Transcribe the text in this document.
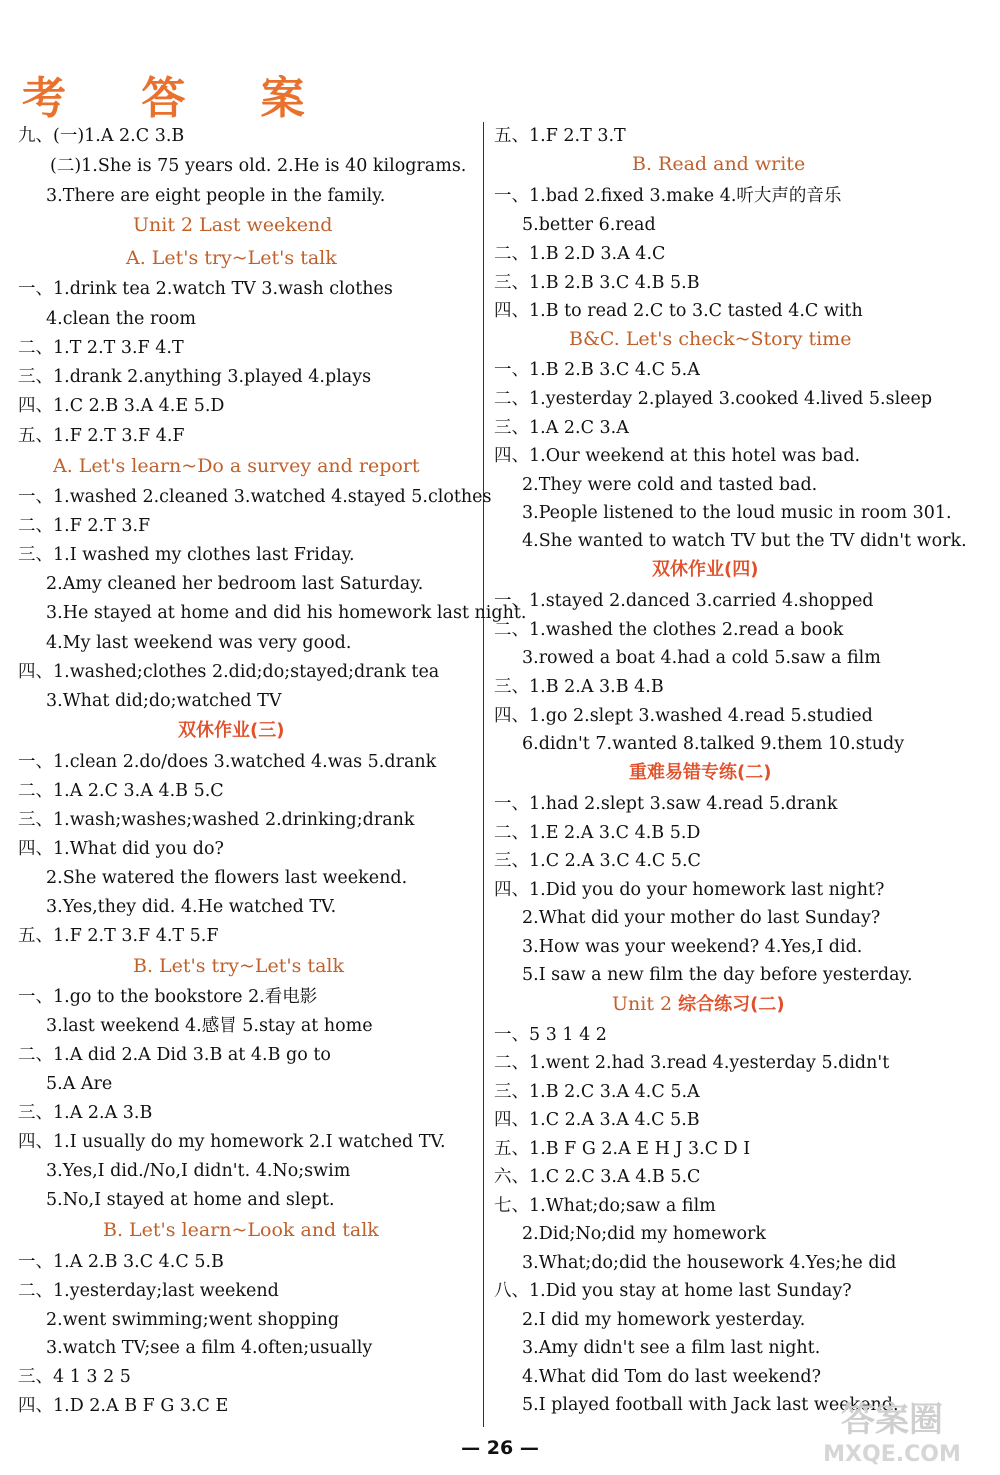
考 答 案
九、(一)1.A 2.C 3.B
(二)1.She is 75 years old. 2.He is 40 kilograms.
3.There are eight people in the family.
Unit 2 Last weekend
A. Let's try~Let's talk
一、1.drink tea 2.watch TV 3.wash clothes
4.clean the room
二、1.T 2.T 3.F 4.T
三、1.drank 2.anything 3.played 4.plays
四、1.C 2.B 3.A 4.E 5.D
五、1.F 2.T 3.F 4.F
A. Let's learn~Do a survey and report
一、1.washed 2.cleaned 3.watched 4.stayed 5.clothes
二、1.F 2.T 3.F
三、1.I washed my clothes last Friday.
2.Amy cleaned her bedroom last Saturday.
3.He stayed at home and did his homework last night.
4.My last weekend was very good.
四、1.washed;clothes 2.did;do;stayed;drank tea
3.What did;do;watched TV
双休作业(三)
一、1.clean 2.do/does 3.watched 4.was 5.drank
二、1.A 2.C 3.A 4.B 5.C
三、1.wash;washes;washed 2.drinking;drank
四、1.What did you do?
2.She watered the flowers last weekend.
3.Yes,they did. 4.He watched TV.
五、1.F 2.T 3.F 4.T 5.F
B. Let's try~Let's talk
一、1.go to the bookstore 2.看电影
3.last weekend 4.感冒 5.stay at home
二、1.A did 2.A Did 3.B at 4.B go to
5.A Are
三、1.A 2.A 3.B
四、1.I usually do my homework 2.I watched TV.
3.Yes,I did./No,I didn't. 4.No;swim
5.No,I stayed at home and slept.
B. Let's learn~Look and talk
一、1.A 2.B 3.C 4.C 5.B
二、1.yesterday;last weekend
2.went swimming;went shopping
3.watch TV;see a film 4.often;usually
三、4 1 3 2 5
四、1.D 2.A B F G 3.C E
五、1.F 2.T 3.T
B. Read and write
一、1.bad 2.fixed 3.make 4.听大声的音乐
5.better 6.read
二、1.B 2.D 3.A 4.C
三、1.B 2.B 3.C 4.B 5.B
四、1.B to read 2.C to 3.C tasted 4.C with
B&C. Let's check~Story time
一、1.B 2.B 3.C 4.C 5.A
二、1.yesterday 2.played 3.cooked 4.lived 5.sleep
三、1.A 2.C 3.A
四、1.Our weekend at this hotel was bad.
2.They were cold and tasted bad.
3.People listened to the loud music in room 301.
4.She wanted to watch TV but the TV didn't work.
双休作业(四)
一、1.stayed 2.danced 3.carried 4.shopped
二、1.washed the clothes 2.read a book
3.rowed a boat 4.had a cold 5.saw a film
三、1.B 2.A 3.B 4.B
四、1.go 2.slept 3.washed 4.read 5.studied
6.didn't 7.wanted 8.talked 9.them 10.study
重难易错专练(二)
一、1.had 2.slept 3.saw 4.read 5.drank
二、1.E 2.A 3.C 4.B 5.D
三、1.C 2.A 3.C 4.C 5.C
四、1.Did you do your homework last night?
2.What did your mother do last Sunday?
3.How was your weekend? 4.Yes,I did.
5.I saw a new film the day before yesterday.
Unit 2 综合练习(二)
一、5 3 1 4 2
二、1.went 2.had 3.read 4.yesterday 5.didn't
三、1.B 2.C 3.A 4.C 5.A
四、1.C 2.A 3.A 4.C 5.B
五、1.B F G 2.A E H J 3.C D I
六、1.C 2.C 3.A 4.B 5.C
七、1.What;do;saw a film
2.Did;No;did my homework
3.What;do;did the housework 4.Yes;he did
八、1.Did you stay at home last Sunday?
2.I did my homework yesterday.
3.Amy didn't see a film last night.
4.What did Tom do last weekend?
5.I played football with Jack last weekend.
— 26 —
答案圈
MXQE.COM
